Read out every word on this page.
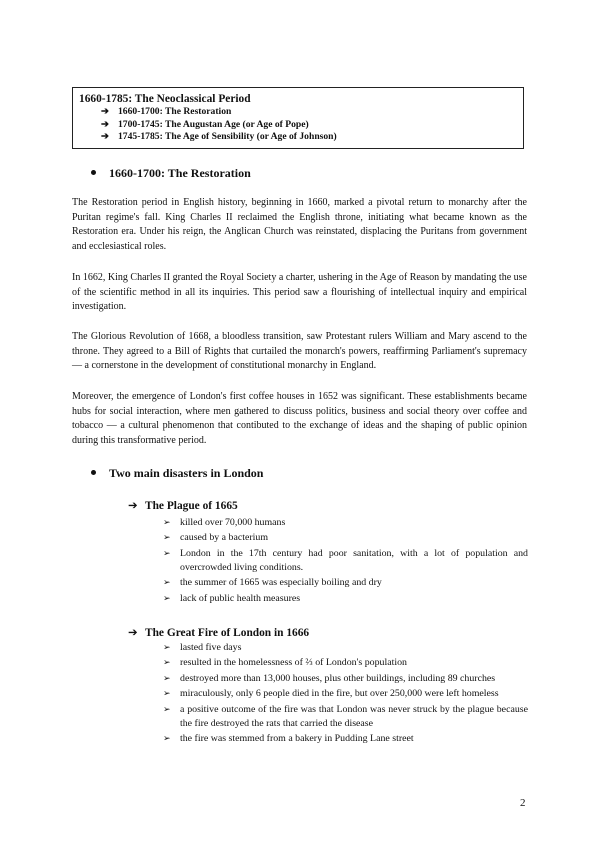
1660-1785: The Neoclassical Period
➔ 1660-1700: The Restoration
➔ 1700-1745: The Augustan Age (or Age of Pope)
➔ 1745-1785: The Age of Sensibility (or Age of Johnson)
1660-1700: The Restoration

The Restoration period in English history, beginning in 1660, marked a pivotal return to monarchy after the Puritan regime's fall. King Charles II reclaimed the English throne, initiating what became known as the Restoration era. Under his reign, the Anglican Church was reinstated, displacing the Puritans from government and ecclesiastical roles.

In 1662, King Charles II granted the Royal Society a charter, ushering in the Age of Reason by mandating the use of the scientific method in all its inquiries. This period saw a flourishing of intellectual inquiry and empirical investigation.

The Glorious Revolution of 1668, a bloodless transition, saw Protestant rulers William and Mary ascend to the throne. They agreed to a Bill of Rights that curtailed the monarch's powers, reaffirming Parliament's supremacy — a cornerstone in the development of constitutional monarchy in England.

Moreover, the emergence of London's first coffee houses in 1652 was significant. These establishments became hubs for social interaction, where men gathered to discuss politics, business and social theory over coffee and tobacco — a cultural phenomenon that contibuted to the exchange of ideas and the shaping of public opinion during this transformative period.

Two main disasters in London
➔ The Plague of 1665
➢ killed over 70,000 humans
➢ caused by a bacterium
➢ London in the 17th century had poor sanitation, with a lot of population and overcrowded living conditions.
➢ the summer of 1665 was especially boiling and dry
➢ lack of public health measures
➔ The Great Fire of London in 1666
➢ lasted five days
➢ resulted in the homelessness of ⅔ of London's population
➢ destroyed more than 13,000 houses, plus other buildings, including 89 churches
➢ miraculously, only 6 people died in the fire, but over 250,000 were left homeless
➢ a positive outcome of the fire was that London was never struck by the plague because the fire destroyed the rats that carried the disease
➢ the fire was stemmed from a bakery in Pudding Lane street
2
